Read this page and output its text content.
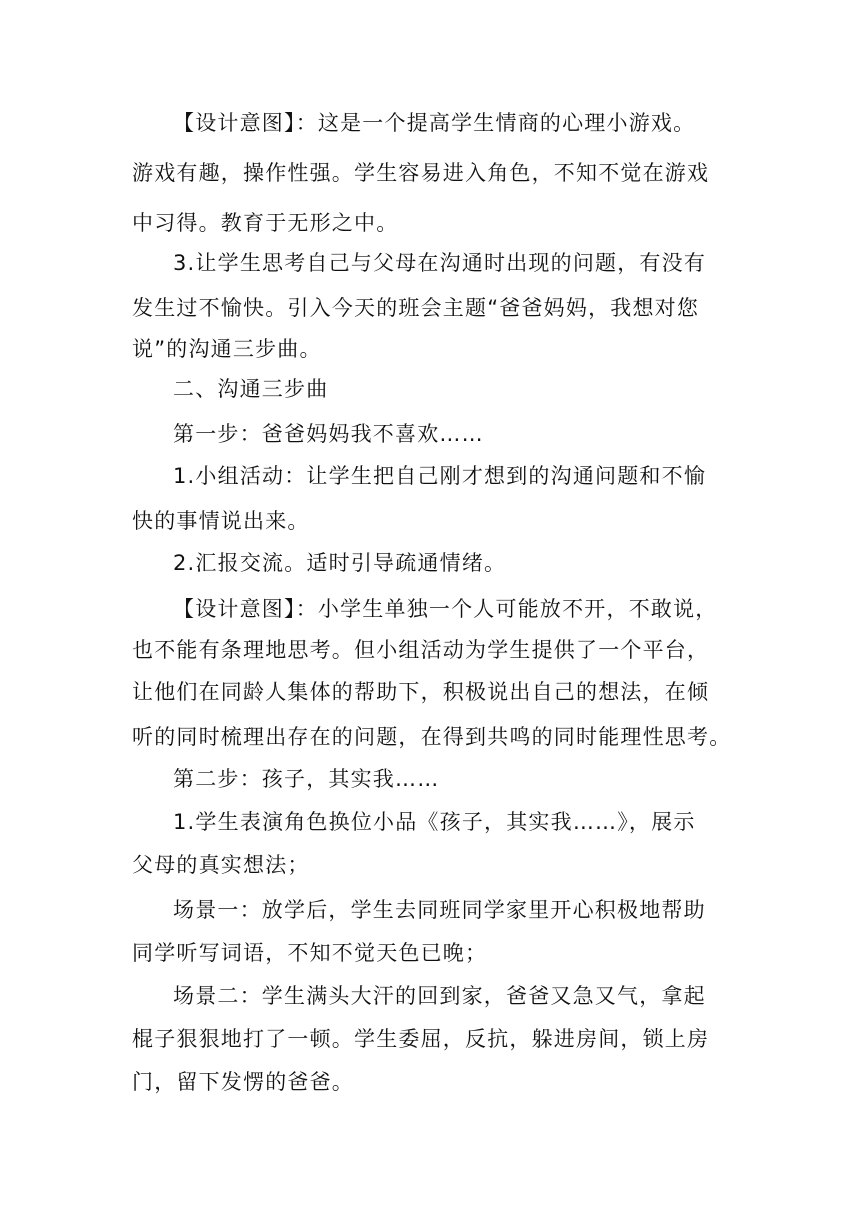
【设计意图】：这是一个提高学生情商的心理小游戏。
游戏有趣，操作性强。学生容易进入角色，不知不觉在游戏
中习得。教育于无形之中。
3.让学生思考自己与父母在沟通时出现的问题，有没有
发生过不愉快。引入今天的班会主题“爸爸妈妈，我想对您
说”的沟通三步曲。
二、沟通三步曲
第一步：爸爸妈妈我不喜欢……
1.小组活动：让学生把自己刚才想到的沟通问题和不愉
快的事情说出来。
2.汇报交流。适时引导疏通情绪。
【设计意图】：小学生单独一个人可能放不开，不敢说，
也不能有条理地思考。但小组活动为学生提供了一个平台，
让他们在同龄人集体的帮助下，积极说出自己的想法，在倾
听的同时梳理出存在的问题，在得到共鸣的同时能理性思考。
第二步：孩子，其实我……
1.学生表演角色换位小品《孩子，其实我……》，展示
父母的真实想法；
场景一：放学后，学生去同班同学家里开心积极地帮助
同学听写词语，不知不觉天色已晚；
场景二：学生满头大汗的回到家，爸爸又急又气，拿起
棍子狠狠地打了一顿。学生委屈，反抗，躲进房间，锁上房
门，留下发愣的爸爸。
